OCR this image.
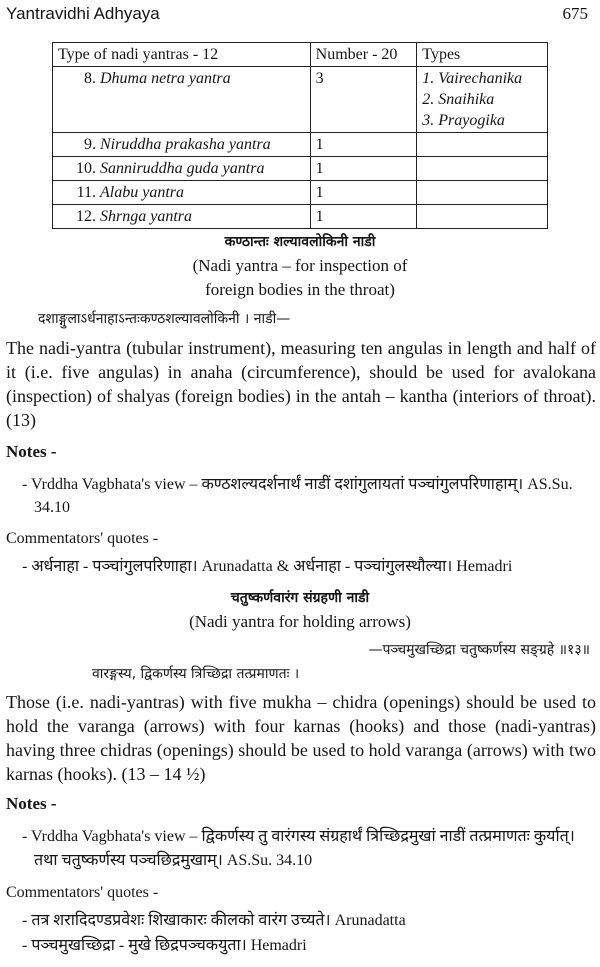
Yantravidhi Adhyaya	675
Type of nadi yantras - 12	Number - 20	Types
8. Dhuma netra yantra	3	1. Vairechanika
2. Snaihika
3. Prayogika

9. Niruddha prakasha yantra	1	
10. Sanniruddha guda yantra	1	
11. Alabu yantra	1	
12. Shrnga yantra	1	
कण्ठान्तः शल्यावलोकिनी नाडी
(Nadi yantra – for inspection of
foreign bodies in the throat)
दशाङ्गुलाऽर्धनाहाऽन्तःकण्ठशल्यावलोकिनी । नाडी—

The nadi-yantra (tubular instrument), measuring ten angulas in length and half of it (i.e. five angulas) in anaha (circumference), should be used for avalokana (inspection) of shalyas (foreign bodies) in the antah – kantha (interiors of throat). (13)

Notes -
- Vrddha Vagbhata's view – कण्ठशल्यदर्शनार्थं नाडीं दशांगुलायतां पञ्चांगुलपरिणाहाम्। AS.Su.
34.10
Commentators' quotes -
- अर्धनाहा - पञ्चांगुलपरिणाहा। Arunadatta & अर्धनाहा - पञ्चांगुलस्थौल्या। Hemadri
चतुष्कर्णवारंग संग्रहणी नाडी
(Nadi yantra for holding arrows)
—पञ्चमुखच्छिद्रा चतुष्कर्णस्य सङ्ग्रहे ॥१३॥
वारङ्गस्य, द्विकर्णस्य त्रिच्छिद्रा तत्प्रमाणतः ।

Those (i.e. nadi-yantras) with five mukha – chidra (openings) should be used to hold the varanga (arrows) with four karnas (hooks) and those (nadi-yantras) having three chidras (openings) should be used to hold varanga (arrows) with two karnas (hooks). (13 – 14 ½)

Notes -
- Vrddha Vagbhata's view – द्विकर्णस्य तु वारंगस्य संग्रहार्थं त्रिच्छिद्रमुखां नाडीं तत्प्रमाणतः कुर्यात्।
तथा चतुष्कर्णस्य पञ्चछिद्रमुखाम्। AS.Su. 34.10
Commentators' quotes -
- तत्र शरादिदण्डप्रवेशः शिखाकारः कीलको वारंग उच्यते। Arunadatta
- पञ्चमुखच्छिद्रा - मुखे छिद्रपञ्चकयुता। Hemadri
